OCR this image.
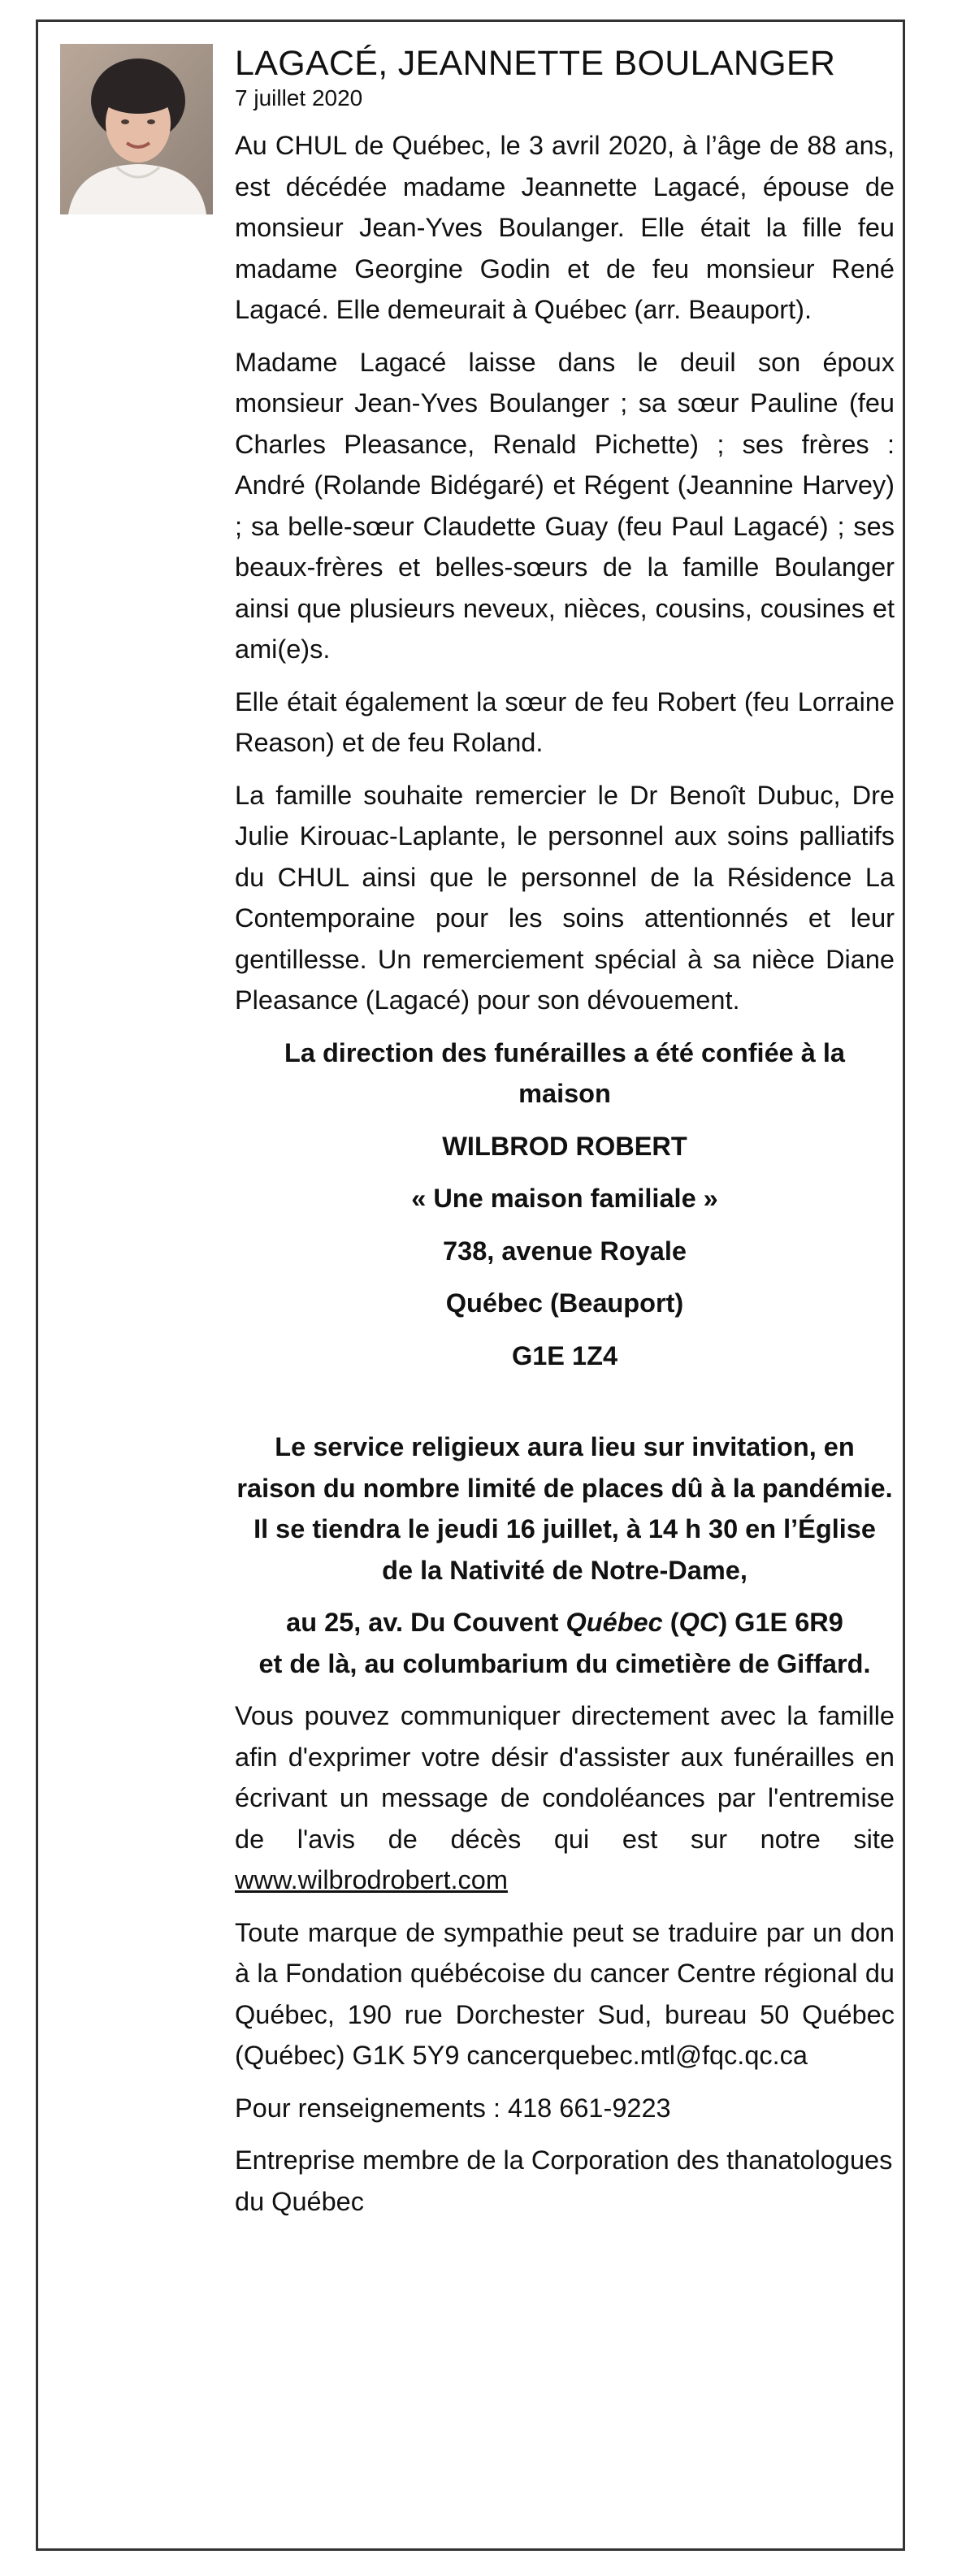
LAGACÉ, JEANNETTE BOULANGER
7 juillet 2020

Au CHUL de Québec, le 3 avril 2020, à l’âge de 88 ans, est décédée madame Jeannette Lagacé, épouse de monsieur Jean-Yves Boulanger. Elle était la fille feu madame Georgine Godin et de feu monsieur René Lagacé. Elle demeurait à Québec (arr. Beauport).

Madame Lagacé laisse dans le deuil son époux monsieur Jean-Yves Boulanger ; sa sœur Pauline (feu Charles Pleasance, Renald Pichette) ; ses frères : André (Rolande Bidégaré) et Régent (Jeannine Harvey) ; sa belle-sœur Claudette Guay (feu Paul Lagacé) ; ses beaux-frères et belles-sœurs de la famille Boulanger ainsi que plusieurs neveux, nièces, cousins, cousines et ami(e)s.

Elle était également la sœur de feu Robert (feu Lorraine Reason) et de feu Roland.

La famille souhaite remercier le Dr Benoît Dubuc, Dre Julie Kirouac-Laplante, le personnel aux soins palliatifs du CHUL ainsi que le personnel de la Résidence La Contemporaine pour les soins attentionnés et leur gentillesse. Un remerciement spécial à sa nièce Diane Pleasance (Lagacé) pour son dévouement.

La direction des funérailles a été confiée à la maison

WILBROD ROBERT

« Une maison familiale »

738, avenue Royale

Québec (Beauport)

G1E 1Z4

Le service religieux aura lieu sur invitation, en raison du nombre limité de places dû à la pandémie. Il se tiendra le jeudi 16 juillet, à 14 h 30 en l’Église de la Nativité de Notre-Dame,

au 25, av. Du Couvent Québec (QC) G1E 6R9

et de là, au columbarium du cimetière de Giffard.

Vous pouvez communiquer directement avec la famille afin d'exprimer votre désir d'assister aux funérailles en écrivant un message de condoléances par l'entremise de l'avis de décès qui est sur notre site www.wilbrodrobert.com

Toute marque de sympathie peut se traduire par un don à la Fondation québécoise du cancer Centre régional du Québec, 190 rue Dorchester Sud, bureau 50 Québec (Québec) G1K 5Y9 cancerquebec.mtl@fqc.qc.ca

Pour renseignements : 418 661-9223

Entreprise membre de la Corporation des thanatologues du Québec
